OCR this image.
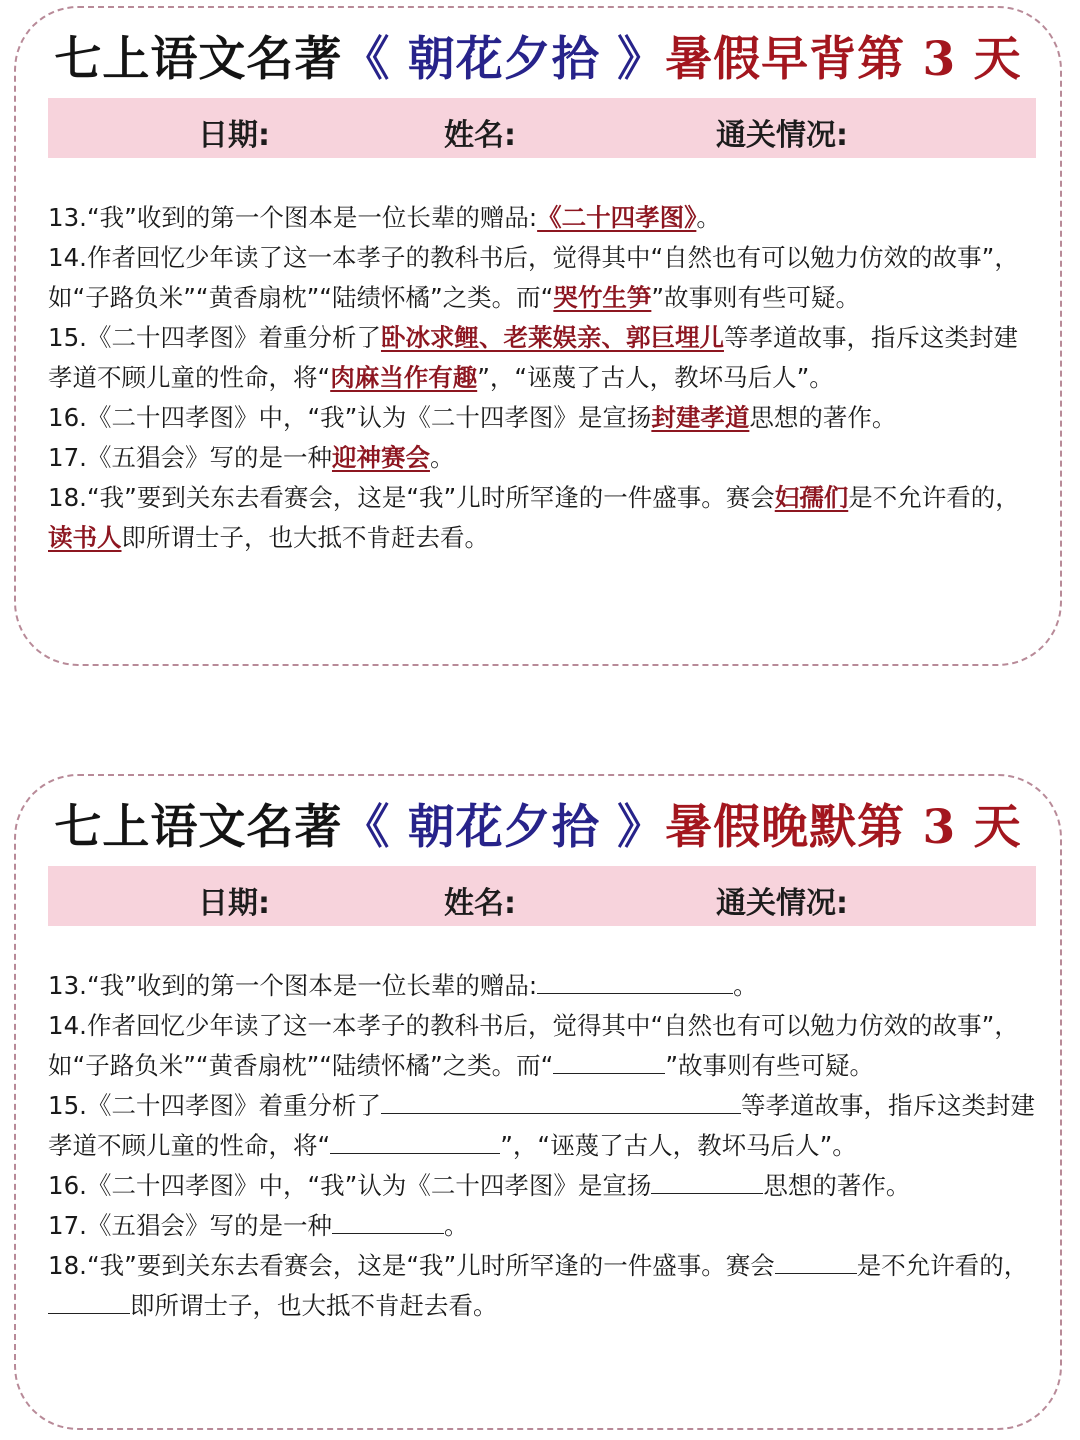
七上语文名著《 朝花夕拾 》暑假早背第 3 天
日期:	姓名:	通关情况:

13.“我”收到的第一个图本是一位长辈的赠品:《二十四孝图》。

14.作者回忆少年读了这一本孝子的教科书后，觉得其中“自然也有可以勉力仿效的故事”，如“子路负米”“黄香扇枕”“陆绩怀橘”之类。而“哭竹生笋”故事则有些可疑。

15.《二十四孝图》着重分析了卧冰求鲤、老莱娱亲、郭巨埋儿等孝道故事，指斥这类封建孝道不顾儿童的性命，将“肉麻当作有趣”，“诬蔑了古人，教坏马后人”。

16.《二十四孝图》中，“我”认为《二十四孝图》是宣扬封建孝道思想的著作。

17.《五猖会》写的是一种迎神赛会。

18.“我”要到关东去看赛会，这是“我”儿时所罕逢的一件盛事。赛会妇孺们是不允许看的，读书人即所谓士子，也大抵不肯赶去看。

七上语文名著《 朝花夕拾 》暑假晚默第 3 天
日期:	姓名:	通关情况:

13.“我”收到的第一个图本是一位长辈的赠品:	。

14.作者回忆少年读了这一本孝子的教科书后，觉得其中“自然也有可以勉力仿效的故事”，如“子路负米”“黄香扇枕”“陆绩怀橘”之类。而“	”故事则有些可疑。

15.《二十四孝图》着重分析了	等孝道故事，指斥这类封建孝道不顾儿童的性命，将“	”，“诬蔑了古人，教坏马后人”。

16.《二十四孝图》中，“我”认为《二十四孝图》是宣扬	思想的著作。

17.《五猖会》写的是一种	。

18.“我”要到关东去看赛会，这是“我”儿时所罕逢的一件盛事。赛会	是不允许看的，即所谓士子，也大抵不肯赶去看。
